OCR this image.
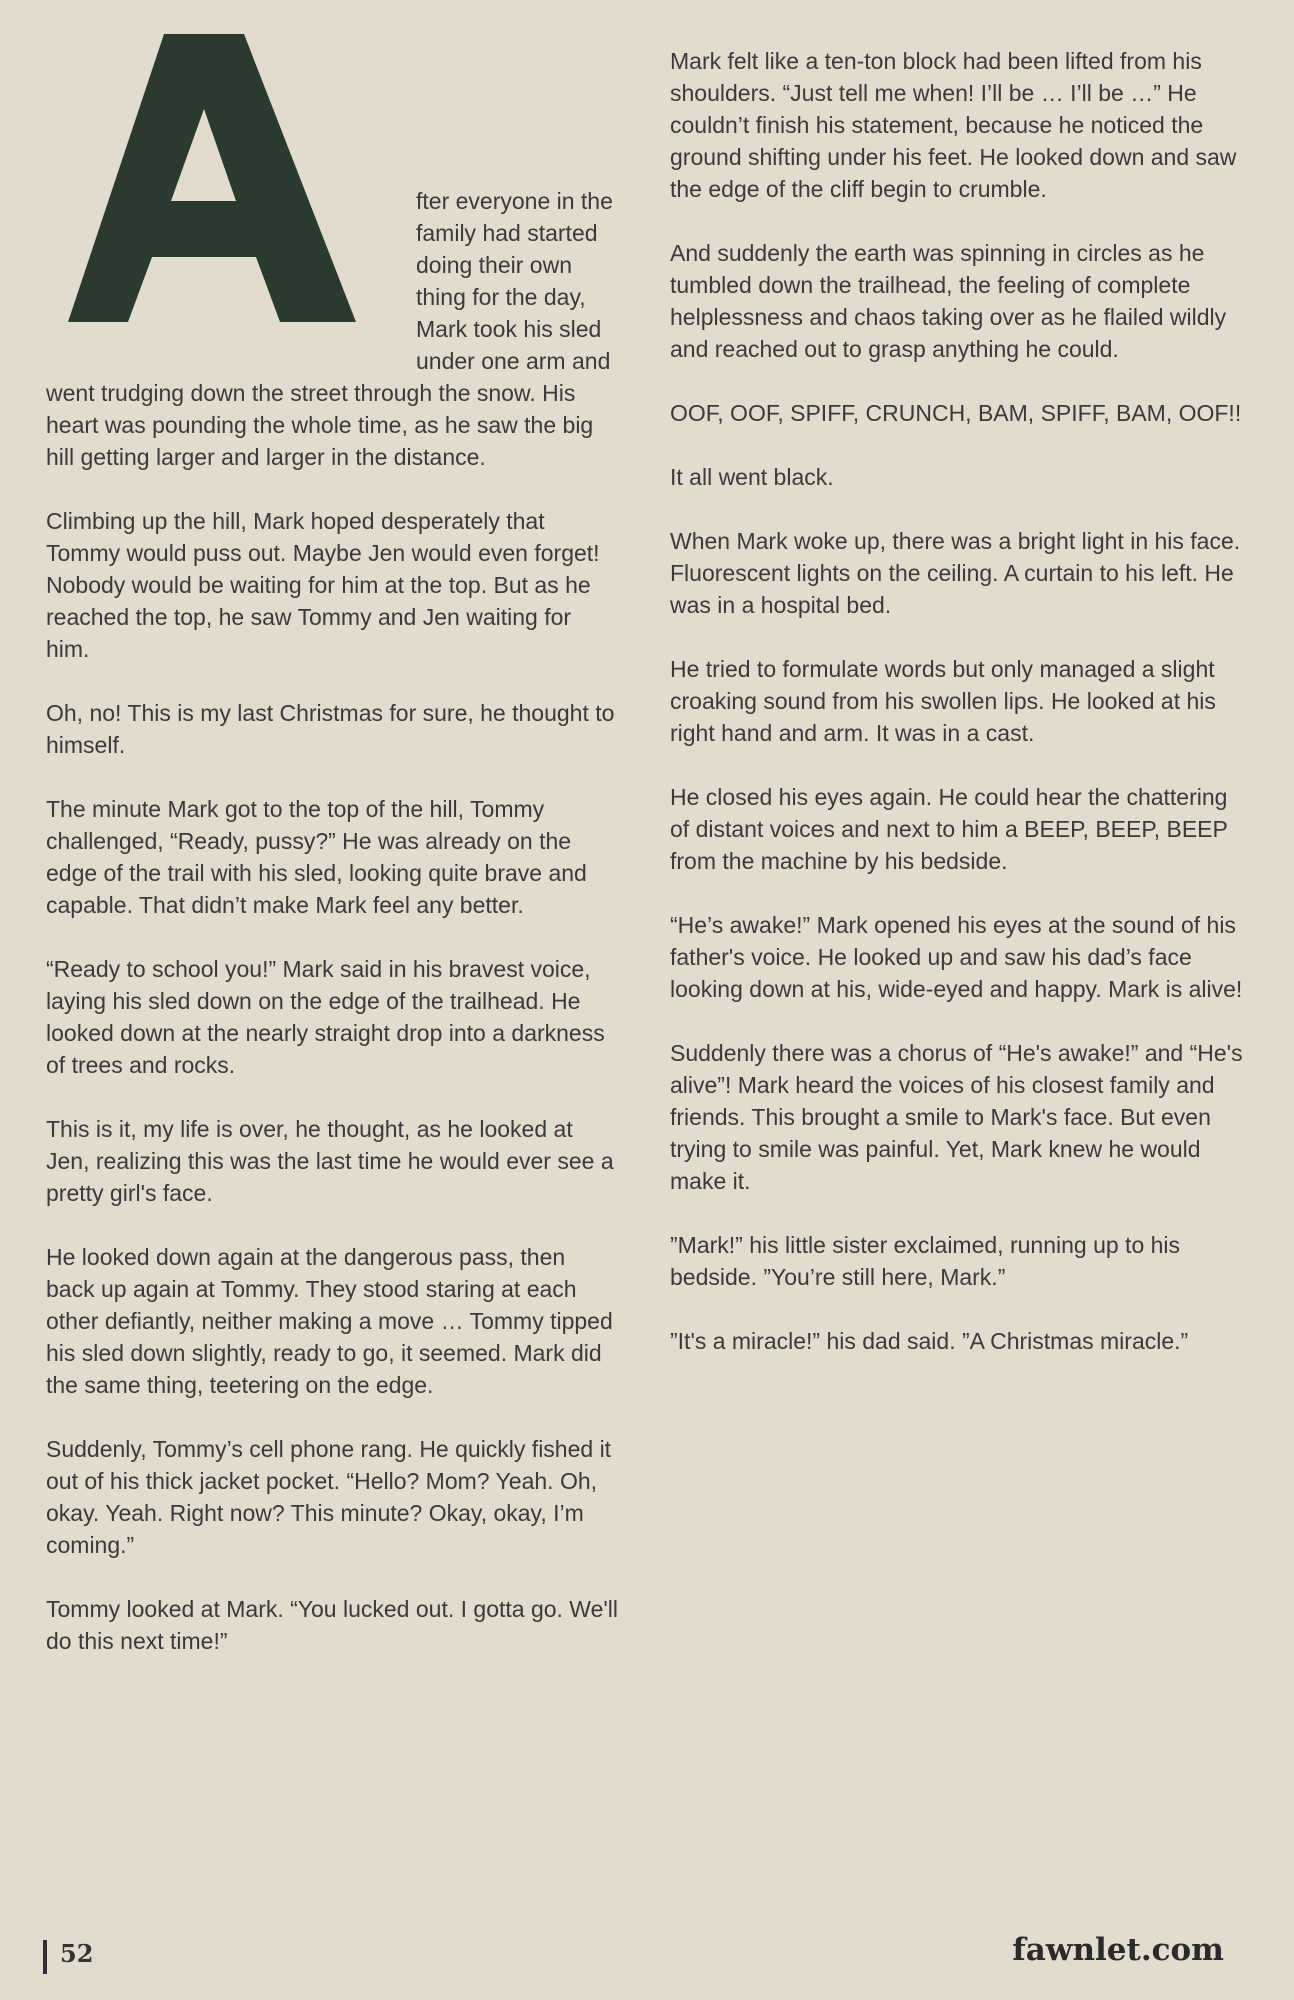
fter everyone in the family had started doing their own thing for the day, Mark took his sled under one arm and went trudging down the street through the snow. His heart was pounding the whole time, as he saw the big hill getting larger and larger in the distance.

Climbing up the hill, Mark hoped desperately that Tommy would puss out. Maybe Jen would even forget! Nobody would be waiting for him at the top. But as he reached the top, he saw Tommy and Jen waiting for him.

Oh, no! This is my last Christmas for sure, he thought to himself.

The minute Mark got to the top of the hill, Tommy challenged, “Ready, pussy?” He was already on the edge of the trail with his sled, looking quite brave and capable. That didn’t make Mark feel any better.

“Ready to school you!” Mark said in his bravest voice, laying his sled down on the edge of the trailhead. He looked down at the nearly straight drop into a darkness of trees and rocks.

This is it, my life is over, he thought, as he looked at Jen, realizing this was the last time he would ever see a pretty girl's face.

He looked down again at the dangerous pass, then back up again at Tommy. They stood staring at each other defiantly, neither making a move … Tommy tipped his sled down slightly, ready to go, it seemed. Mark did the same thing, teetering on the edge.

Suddenly, Tommy’s cell phone rang. He quickly fished it out of his thick jacket pocket. “Hello? Mom? Yeah. Oh, okay. Yeah. Right now? This minute? Okay, okay, I’m coming.”

Tommy looked at Mark. “You lucked out. I gotta go. We'll do this next time!”

Mark felt like a ten-ton block had been lifted from his shoulders. “Just tell me when! I’ll be … I’ll be …” He couldn’t finish his statement, because he noticed the ground shifting under his feet. He looked down and saw the edge of the cliff begin to crumble.

And suddenly the earth was spinning in circles as he tumbled down the trailhead, the feeling of complete helplessness and chaos taking over as he flailed wildly and reached out to grasp anything he could.

OOF, OOF, SPIFF, CRUNCH, BAM, SPIFF, BAM, OOF!!

It all went black.

When Mark woke up, there was a bright light in his face. Fluorescent lights on the ceiling. A curtain to his left. He was in a hospital bed.

He tried to formulate words but only managed a slight croaking sound from his swollen lips. He looked at his right hand and arm. It was in a cast.

He closed his eyes again. He could hear the chattering of distant voices and next to him a BEEP, BEEP, BEEP from the machine by his bedside.

“He’s awake!” Mark opened his eyes at the sound of his father's voice. He looked up and saw his dad’s face looking down at his, wide-eyed and happy. Mark is alive!

Suddenly there was a chorus of “He's awake!” and “He's alive”! Mark heard the voices of his closest family and friends. This brought a smile to Mark's face. But even trying to smile was painful. Yet, Mark knew he would make it.

”Mark!” his little sister exclaimed, running up to his bedside. ”You’re still here, Mark.”

”It's a miracle!” his dad said. ”A Christmas miracle.”

52	fawnlet.com
